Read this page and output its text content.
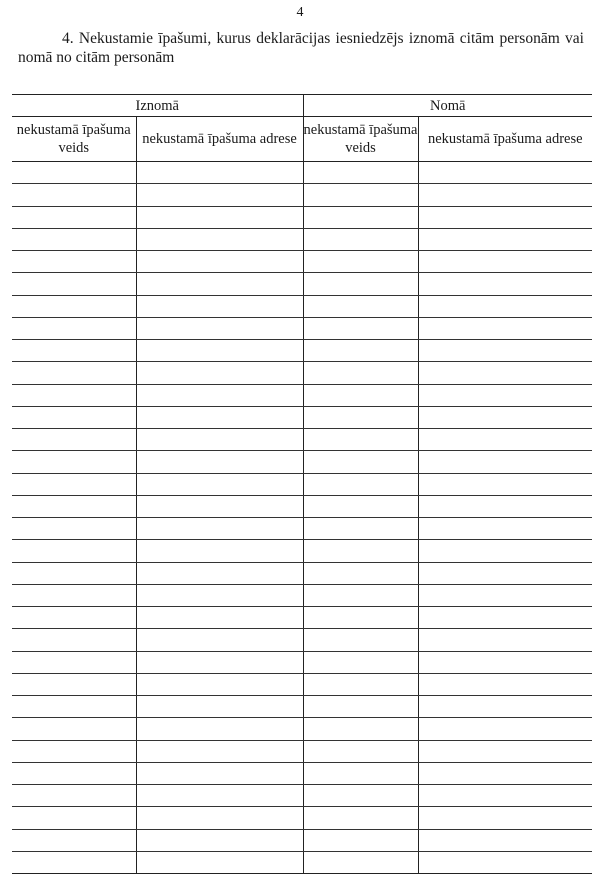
4
4. Nekustamie īpašumi, kurus deklarācijas iesniedzējs iznomā citām personām vai nomā no citām personām
Iznomā		Nomā	
nekustamā īpašuma veids	nekustamā īpašuma adrese	nekustamā īpašuma veids	nekustamā īpašuma adrese
